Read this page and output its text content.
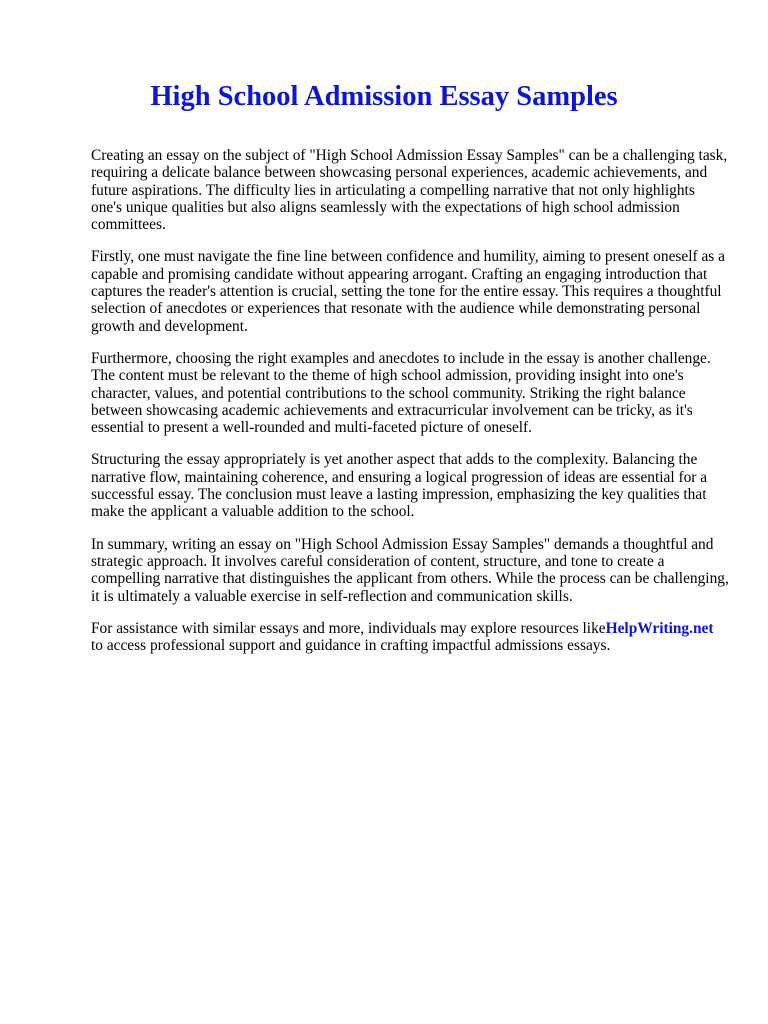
High School Admission Essay Samples

Creating an essay on the subject of "High School Admission Essay Samples" can be a challenging task, requiring a delicate balance between showcasing personal experiences, academic achievements, and future aspirations. The difficulty lies in articulating a compelling narrative that not only highlights one's unique qualities but also aligns seamlessly with the expectations of high school admission committees.

Firstly, one must navigate the fine line between confidence and humility, aiming to present oneself as a capable and promising candidate without appearing arrogant. Crafting an engaging introduction that captures the reader's attention is crucial, setting the tone for the entire essay. This requires a thoughtful selection of anecdotes or experiences that resonate with the audience while demonstrating personal growth and development.

Furthermore, choosing the right examples and anecdotes to include in the essay is another challenge. The content must be relevant to the theme of high school admission, providing insight into one's character, values, and potential contributions to the school community. Striking the right balance between showcasing academic achievements and extracurricular involvement can be tricky, as it's essential to present a well-rounded and multi-faceted picture of oneself.

Structuring the essay appropriately is yet another aspect that adds to the complexity. Balancing the narrative flow, maintaining coherence, and ensuring a logical progression of ideas are essential for a successful essay. The conclusion must leave a lasting impression, emphasizing the key qualities that make the applicant a valuable addition to the school.

In summary, writing an essay on "High School Admission Essay Samples" demands a thoughtful and strategic approach. It involves careful consideration of content, structure, and tone to create a compelling narrative that distinguishes the applicant from others. While the process can be challenging, it is ultimately a valuable exercise in self-reflection and communication skills.

For assistance with similar essays and more, individuals may explore resources likeHelpWriting.net to access professional support and guidance in crafting impactful admissions essays.
